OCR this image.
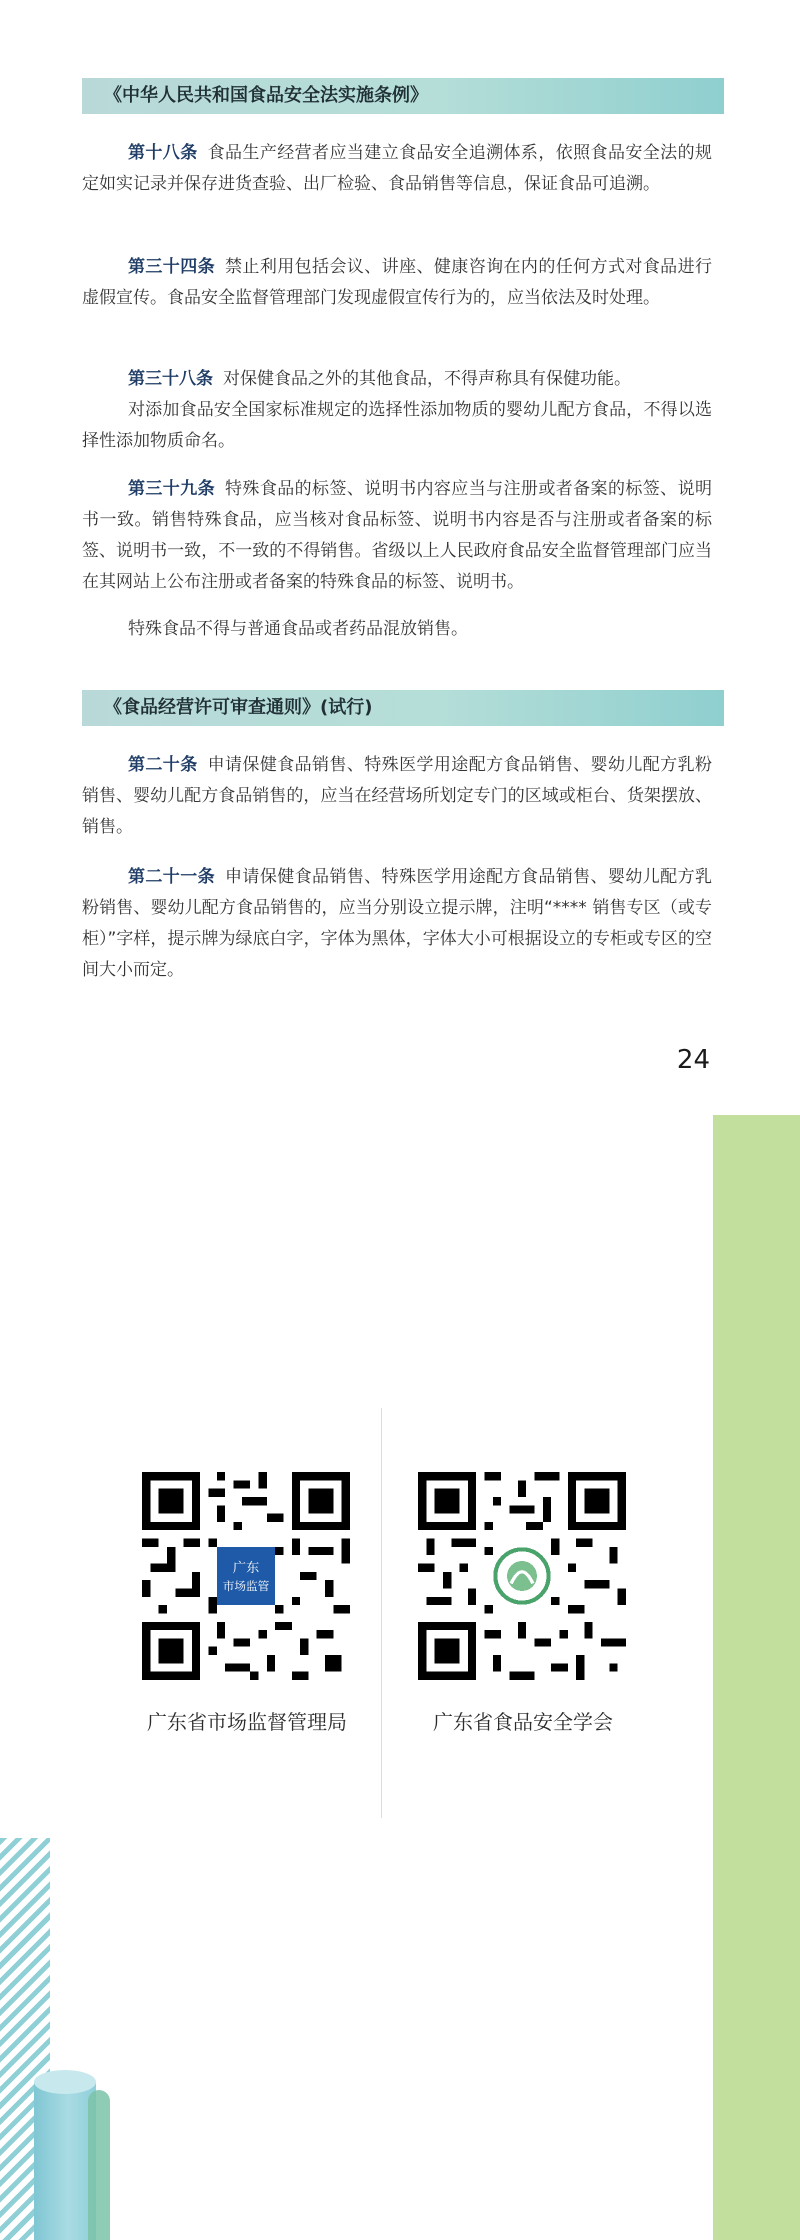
《中华人民共和国食品安全法实施条例》

第十八条 食品生产经营者应当建立食品安全追溯体系，依照食品安全法的规定如实记录并保存进货查验、出厂检验、食品销售等信息，保证食品可追溯。

第三十四条 禁止利用包括会议、讲座、健康咨询在内的任何方式对食品进行虚假宣传。食品安全监督管理部门发现虚假宣传行为的，应当依法及时处理。

第三十八条 对保健食品之外的其他食品，不得声称具有保健功能。

对添加食品安全国家标准规定的选择性添加物质的婴幼儿配方食品，不得以选择性添加物质命名。

第三十九条 特殊食品的标签、说明书内容应当与注册或者备案的标签、说明书一致。销售特殊食品，应当核对食品标签、说明书内容是否与注册或者备案的标签、说明书一致，不一致的不得销售。省级以上人民政府食品安全监督管理部门应当在其网站上公布注册或者备案的特殊食品的标签、说明书。

特殊食品不得与普通食品或者药品混放销售。

《食品经营许可审查通则》(试行)

第二十条 申请保健食品销售、特殊医学用途配方食品销售、婴幼儿配方乳粉销售、婴幼儿配方食品销售的，应当在经营场所划定专门的区域或柜台、货架摆放、销售。

第二十一条 申请保健食品销售、特殊医学用途配方食品销售、婴幼儿配方乳粉销售、婴幼儿配方食品销售的，应当分别设立提示牌，注明“**** 销售专区（或专柜）”字样，提示牌为绿底白字，字体为黑体，字体大小可根据设立的专柜或专区的空间大小而定。

24
广东
市场监管
广东省市场监督管理局	广东省食品安全学会
